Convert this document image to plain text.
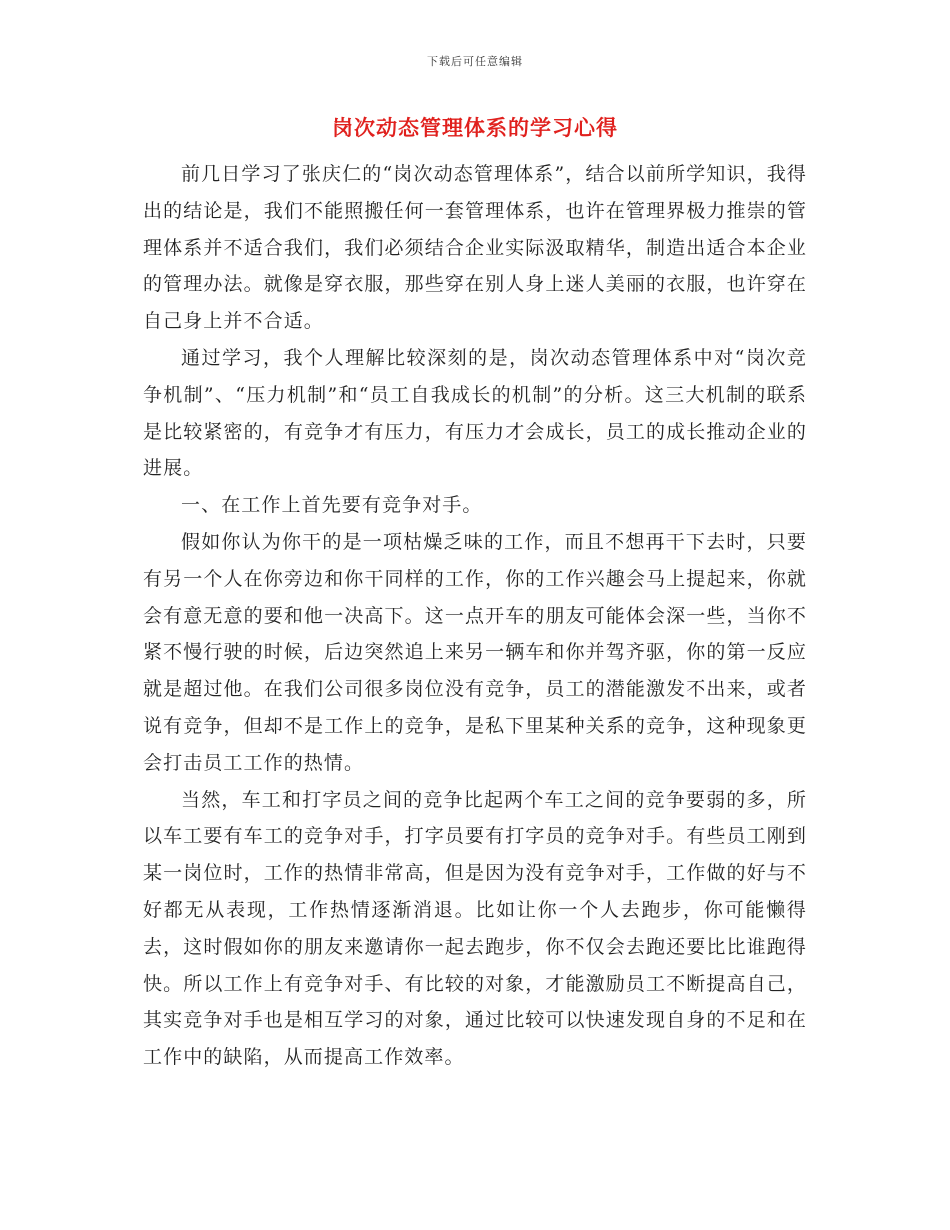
下载后可任意编辑
岗次动态管理体系的学习心得

前几日学习了张庆仁的“岗次动态管理体系”，结合以前所学知识，我得出的结论是，我们不能照搬任何一套管理体系，也许在管理界极力推崇的管理体系并不适合我们，我们必须结合企业实际汲取精华，制造出适合本企业的管理办法。就像是穿衣服，那些穿在别人身上迷人美丽的衣服，也许穿在自己身上并不合适。

通过学习，我个人理解比较深刻的是，岗次动态管理体系中对“岗次竞争机制”、“压力机制”和“员工自我成长的机制”的分析。这三大机制的联系是比较紧密的，有竞争才有压力，有压力才会成长，员工的成长推动企业的进展。

一、在工作上首先要有竞争对手。

假如你认为你干的是一项枯燥乏味的工作，而且不想再干下去时，只要有另一个人在你旁边和你干同样的工作，你的工作兴趣会马上提起来，你就会有意无意的要和他一决高下。这一点开车的朋友可能体会深一些，当你不紧不慢行驶的时候，后边突然追上来另一辆车和你并驾齐驱，你的第一反应就是超过他。在我们公司很多岗位没有竞争，员工的潜能激发不出来，或者说有竞争，但却不是工作上的竞争，是私下里某种关系的竞争，这种现象更会打击员工工作的热情。

当然，车工和打字员之间的竞争比起两个车工之间的竞争要弱的多，所以车工要有车工的竞争对手，打字员要有打字员的竞争对手。有些员工刚到某一岗位时，工作的热情非常高，但是因为没有竞争对手，工作做的好与不好都无从表现，工作热情逐渐消退。比如让你一个人去跑步，你可能懒得去，这时假如你的朋友来邀请你一起去跑步，你不仅会去跑还要比比谁跑得快。所以工作上有竞争对手、有比较的对象，才能激励员工不断提高自己，其实竞争对手也是相互学习的对象，通过比较可以快速发现自身的不足和在工作中的缺陷，从而提高工作效率。
